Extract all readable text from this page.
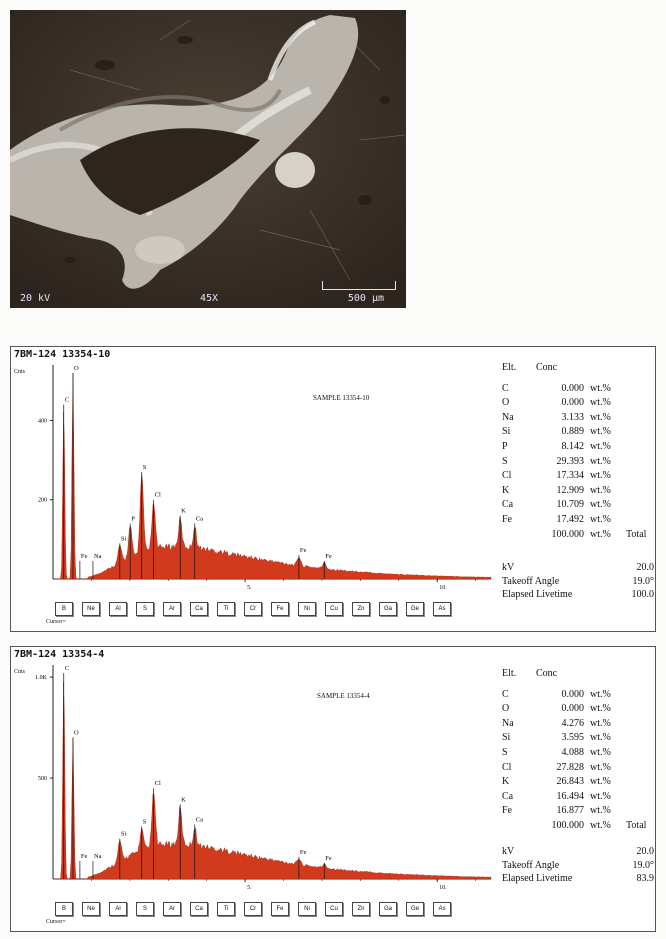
20 kV	45X	500 µm
7BM-124 13354-10
Cnts
400
200
5.	10.
C
O
Fe Na
Si
P
S
Cl
K
Ca
Fe
Fe
SAMPLE 13354-10
B	Ne	Al	S	Ar	Ca	Ti	Cr	Fe	Ni	Cu	Zn	Ga	Ge	As
Cursor=
Elt.	Conc
C	0.000 wt.%
O	0.000 wt.%
Na	3.133 wt.%
Si	0.889 wt.%
P	8.142 wt.%
S	29.393 wt.%
Cl	17.334 wt.%
K	12.909 wt.%
Ca	10.709 wt.%
Fe	17.492 wt.%
100.000 wt.%	Total
kV	20.0
Takeoff Angle	19.0°
Elapsed Livetime	100.0
7BM-124 13354-4
Cnts
1.0K
500
5.	10.
C
O
Fe Na
Si
S
Cl
K
Ca
Fe
Fe
SAMPLE 13354-4
B	Ne	Al	S	Ar	Ca	Ti	Cr	Fe	Ni	Cu	Zn	Ga	Ge	As
Cursor=
Elt.	Conc
C	0.000 wt.%
O	0.000 wt.%
Na	4.276 wt.%
Si	3.595 wt.%
S	4.088 wt.%
Cl	27.828 wt.%
K	26.843 wt.%
Ca	16.494 wt.%
Fe	16.877 wt.%
100.000 wt.%	Total
kV	20.0
Takeoff Angle	19.0°
Elapsed Livetime	83.9
